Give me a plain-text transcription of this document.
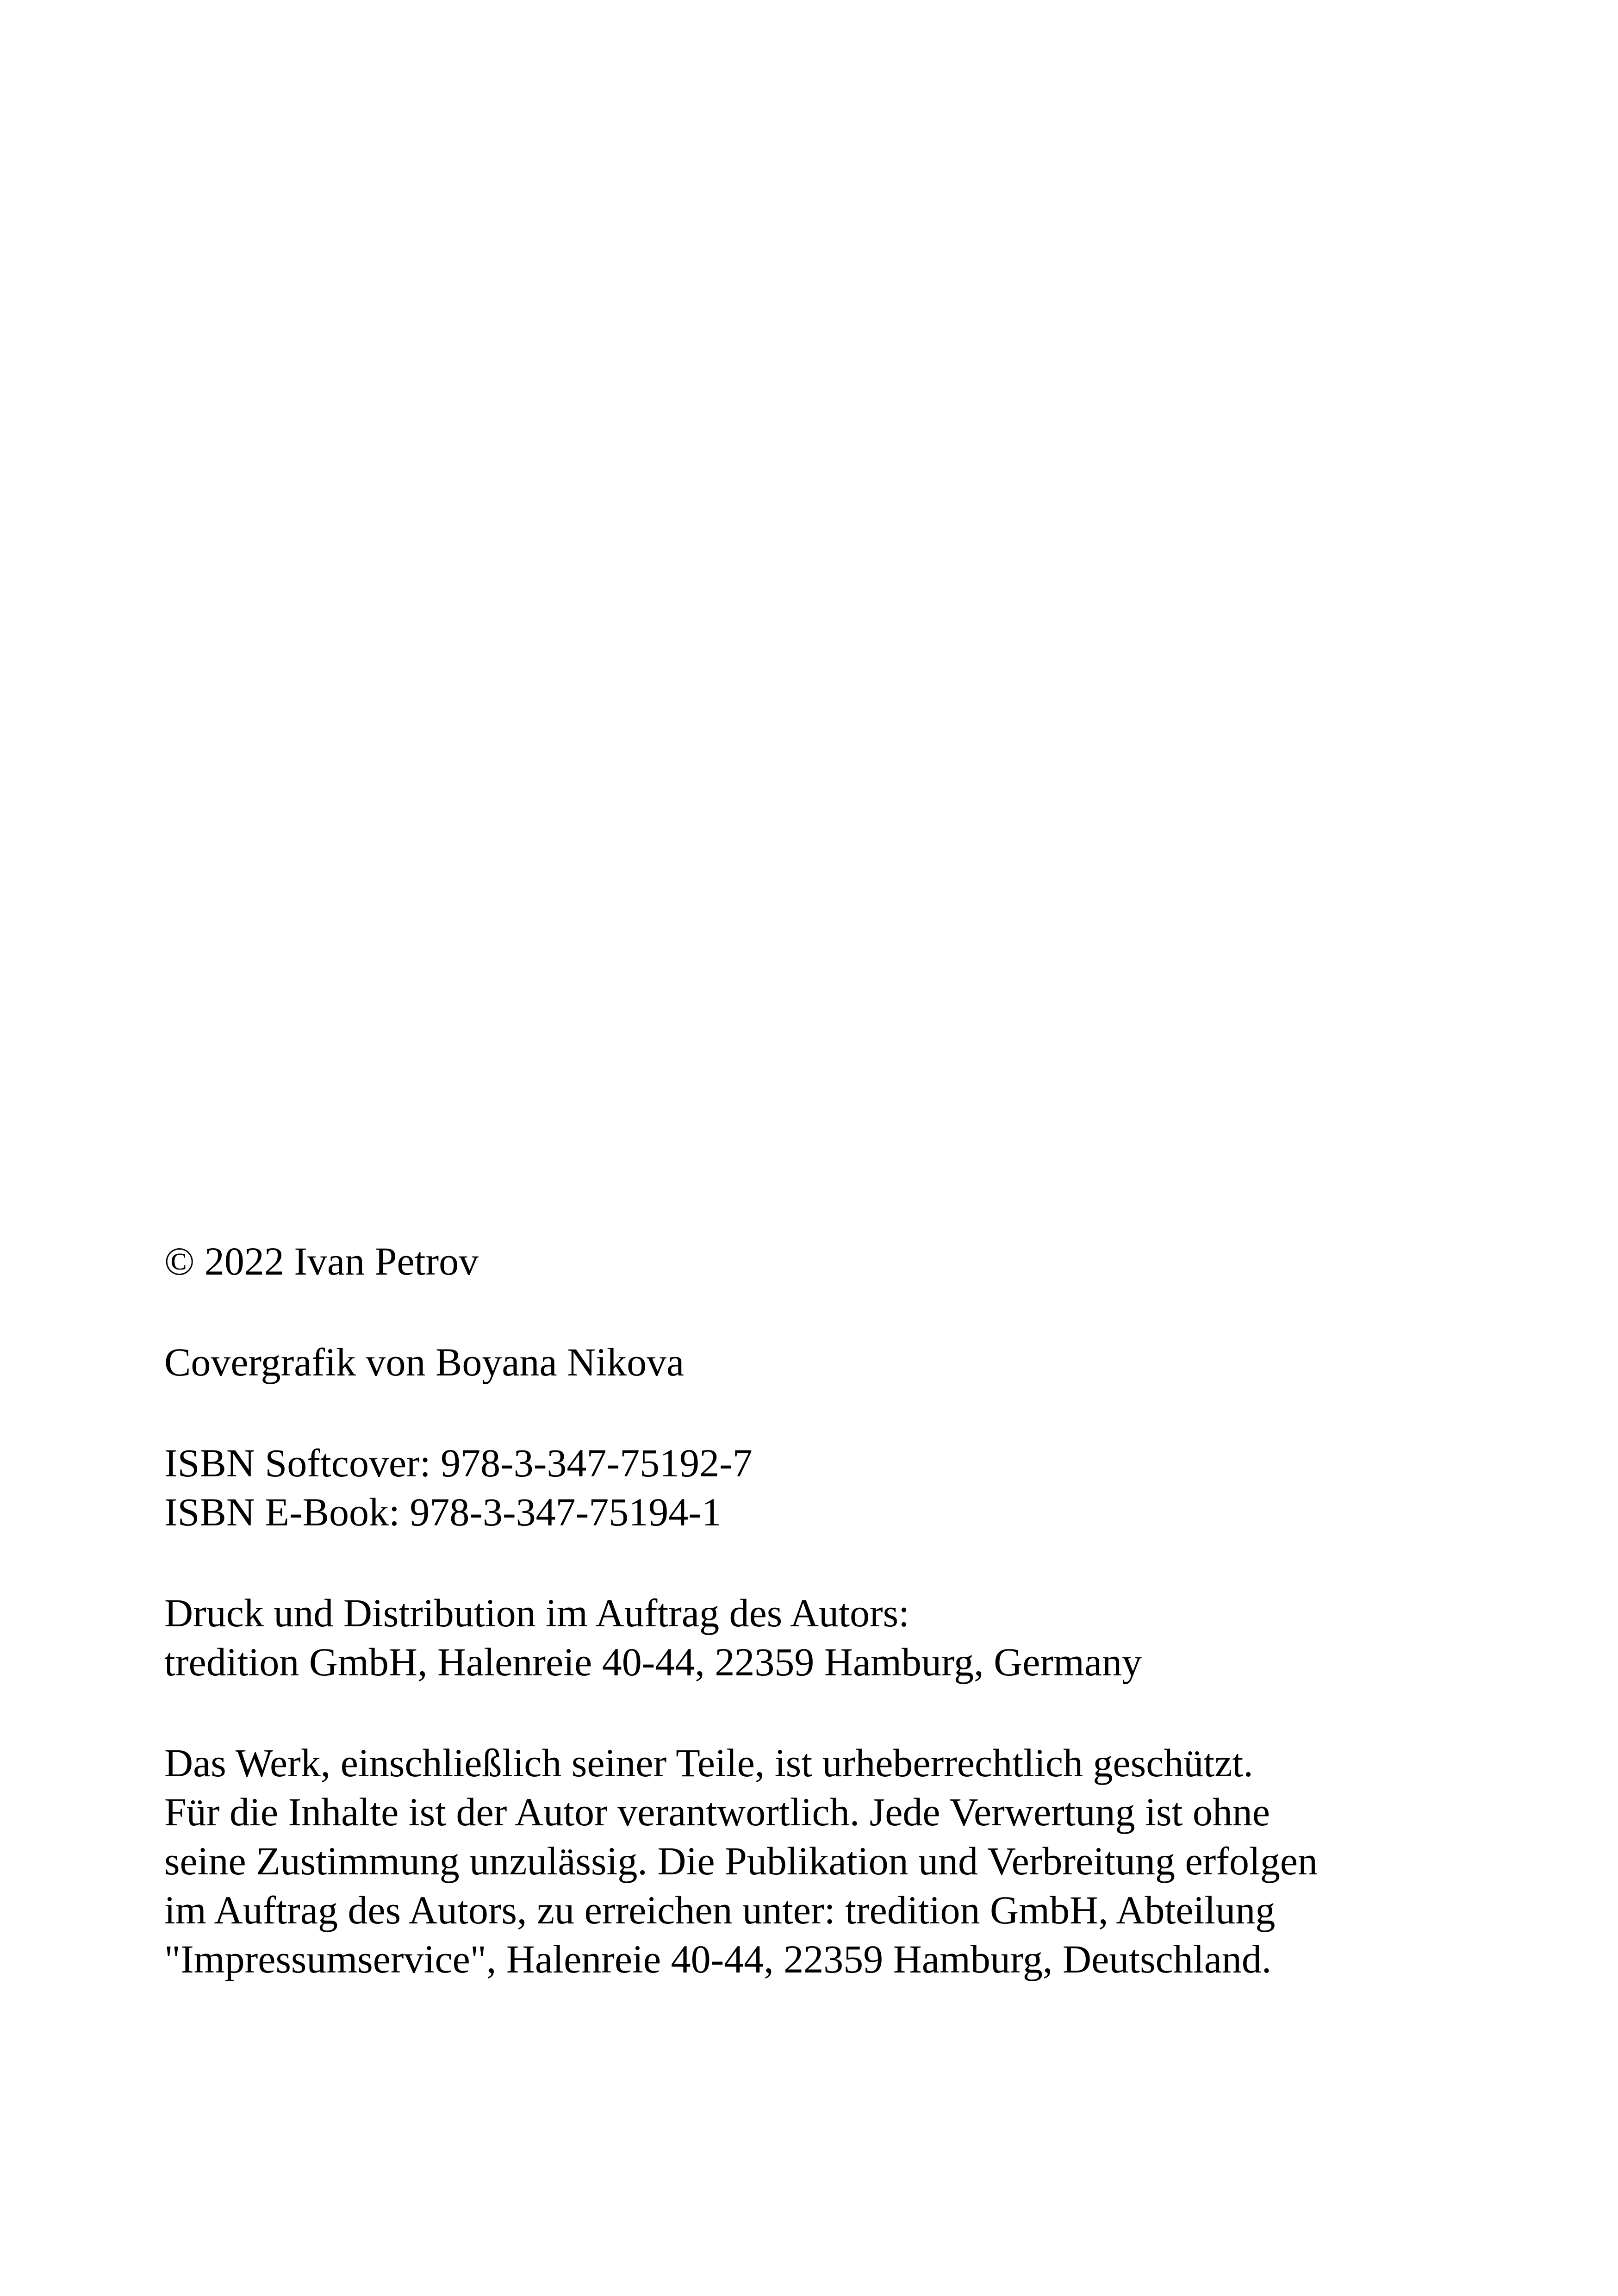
© 2022 Ivan Petrov

Covergrafik von Boyana Nikova

ISBN Softcover: 978-3-347-75192-7
ISBN E-Book: 978-3-347-75194-1

Druck und Distribution im Auftrag des Autors:
tredition GmbH, Halenreie 40-44, 22359 Hamburg, Germany

Das Werk, einschließlich seiner Teile, ist urheberrechtlich geschützt.
Für die Inhalte ist der Autor verantwortlich. Jede Verwertung ist ohne
seine Zustimmung unzulässig. Die Publikation und Verbreitung erfolgen
im Auftrag des Autors, zu erreichen unter: tredition GmbH, Abteilung
"Impressumservice", Halenreie 40-44, 22359 Hamburg, Deutschland.
